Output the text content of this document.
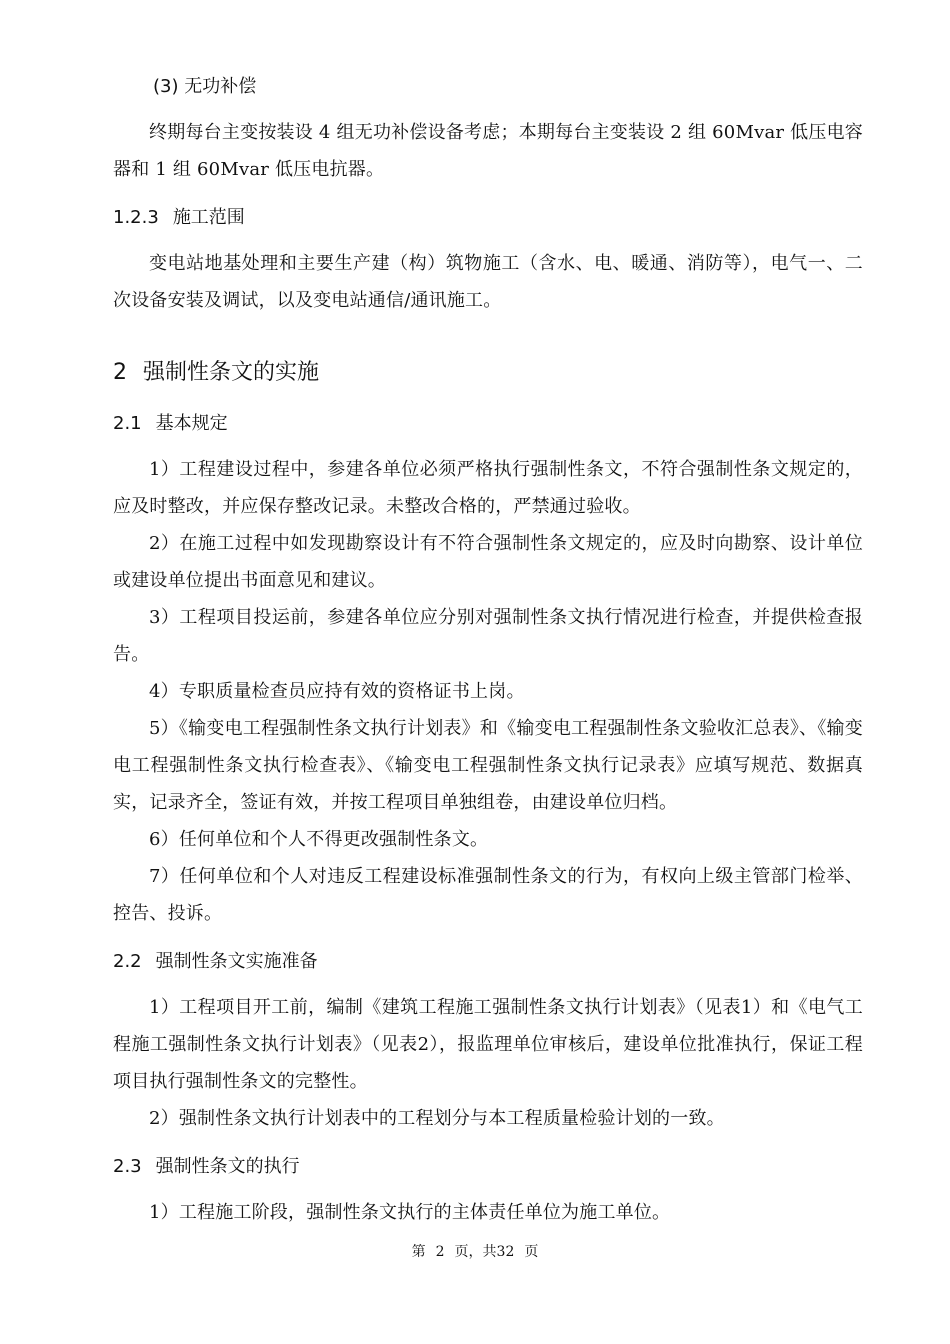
(3) 无功补偿

终期每台主变按装设 4 组无功补偿设备考虑；本期每台主变装设 2 组 60Mvar 低压电容器和 1 组 60Mvar 低压电抗器。

1.2.3 施工范围

变电站地基处理和主要生产建（构）筑物施工（含水、电、暖通、消防等），电气一、二次设备安装及调试，以及变电站通信/通讯施工。

2 强制性条文的实施
2.1 基本规定

1）工程建设过程中，参建各单位必须严格执行强制性条文，不符合强制性条文规定的，应及时整改，并应保存整改记录。未整改合格的，严禁通过验收。

2）在施工过程中如发现勘察设计有不符合强制性条文规定的，应及时向勘察、设计单位或建设单位提出书面意见和建议。

3）工程项目投运前，参建各单位应分别对强制性条文执行情况进行检查，并提供检查报告。

4）专职质量检查员应持有效的资格证书上岗。

5）《输变电工程强制性条文执行计划表》和《输变电工程强制性条文验收汇总表》、《输变电工程强制性条文执行检查表》、《输变电工程强制性条文执行记录表》应填写规范、数据真实，记录齐全，签证有效，并按工程项目单独组卷，由建设单位归档。

6）任何单位和个人不得更改强制性条文。

7）任何单位和个人对违反工程建设标准强制性条文的行为，有权向上级主管部门检举、控告、投诉。

2.2 强制性条文实施准备

1）工程项目开工前，编制《建筑工程施工强制性条文执行计划表》（见表1）和《电气工程施工强制性条文执行计划表》（见表2），报监理单位审核后，建设单位批准执行，保证工程项目执行强制性条文的完整性。

2）强制性条文执行计划表中的工程划分与本工程质量检验计划的一致。

2.3 强制性条文的执行

1）工程施工阶段，强制性条文执行的主体责任单位为施工单位。

第 2 页，共32 页
